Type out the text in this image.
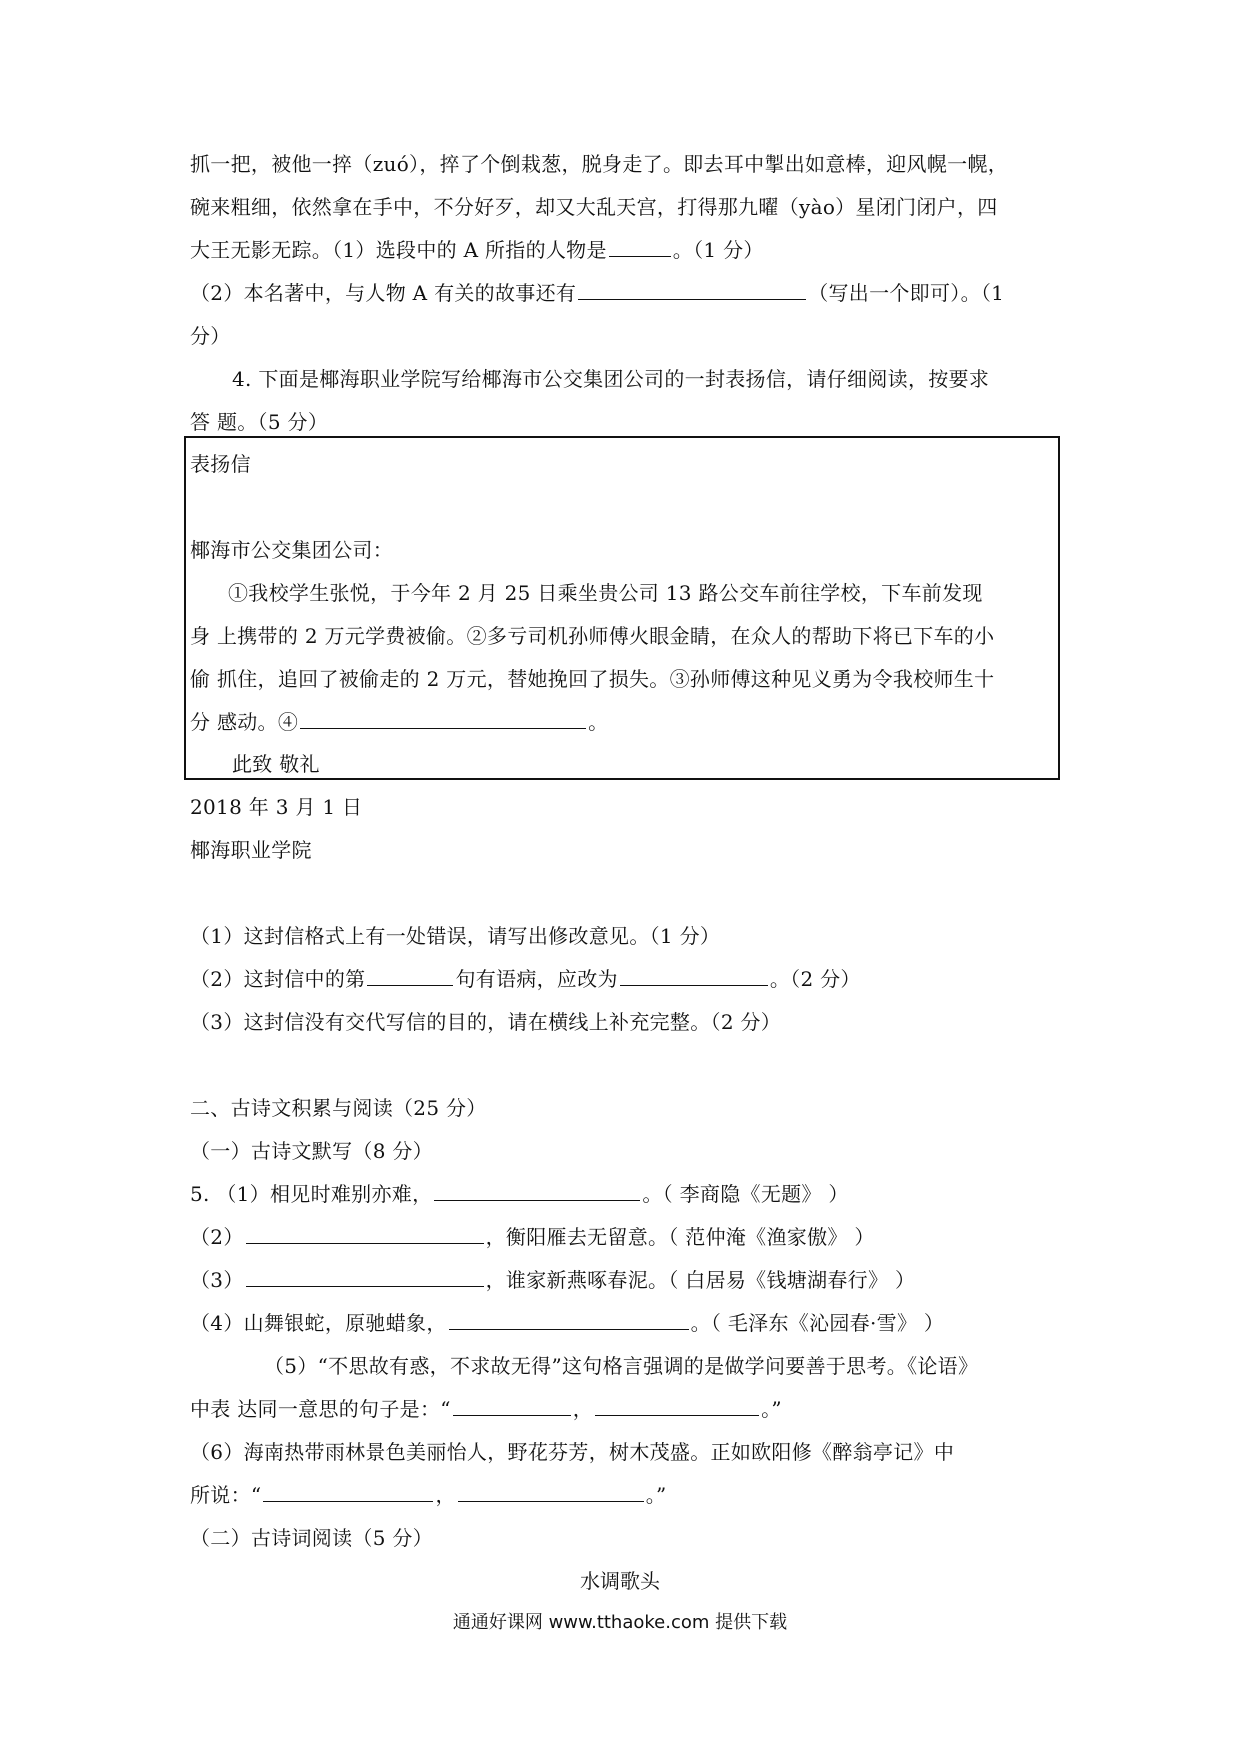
抓一把，被他一捽（zuó），捽了个倒栽葱，脱身走了。即去耳中掣出如意棒，迎风幌一幌，
碗来粗细，依然拿在手中，不分好歹，却又大乱天宫，打得那九曜（yào）星闭门闭户，四
大王无影无踪。（1）选段中的 A 所指的人物是	。（1 分）
（2）本名著中，与人物 A 有关的故事还有	（写出一个即可）。（1
分）
4. 下面是椰海职业学院写给椰海市公交集团公司的一封表扬信，请仔细阅读，按要求
答 题。（5 分）
表扬信
椰海市公交集团公司：
①我校学生张悦，于今年 2 月 25 日乘坐贵公司 13 路公交车前往学校，下车前发现
身 上携带的 2 万元学费被偷。②多亏司机孙师傅火眼金睛，在众人的帮助下将已下车的小
偷 抓住，追回了被偷走的 2 万元，替她挽回了损失。③孙师傅这种见义勇为令我校师生十
分 感动。④	。
此致 敬礼
2018 年 3 月 1 日
椰海职业学院
（1）这封信格式上有一处错误，请写出修改意见。（1 分）
（2）这封信中的第	句有语病，应改为	。（2 分）
（3）这封信没有交代写信的目的，请在横线上补充完整。（2 分）
二、古诗文积累与阅读（25 分）
（一）古诗文默写（8 分）
5. （1）相见时难别亦难，	。（ 李商隐《无题》 ）
（2）	，衡阳雁去无留意。（ 范仲淹《渔家傲》 ）
（3）	，谁家新燕啄春泥。（ 白居易《钱塘湖春行》 ）
（4）山舞银蛇，原驰蜡象，	。（ 毛泽东《沁园春·雪》 ）
（5）“不思故有惑，不求故无得”这句格言强调的是做学问要善于思考。《论语》
中表 达同一意思的句子是：“	，	。”
（6）海南热带雨林景色美丽怡人，野花芬芳，树木茂盛。正如欧阳修《醉翁亭记》中
所说：“	，	。”
（二）古诗词阅读（5 分）
水调歌头
通通好课网 www.tthaoke.com 提供下载
